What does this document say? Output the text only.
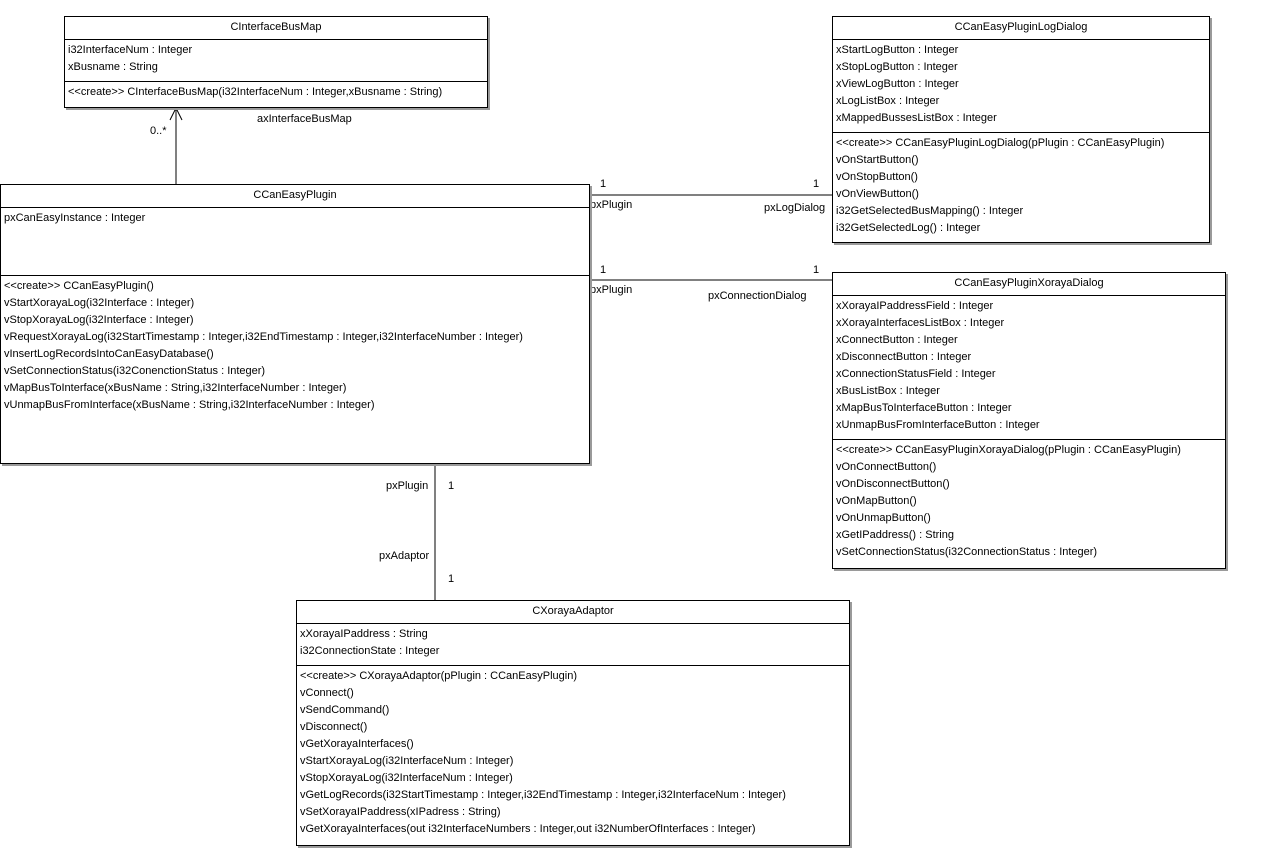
0..*
axInterfaceBusMap
1
pxPlugin
1
pxLogDialog
1
pxPlugin
1
pxConnectionDialog
pxPlugin 1
pxAdaptor
1
CInterfaceBusMap
i32InterfaceNum : Integer
xBusname : String
<<create>> CInterfaceBusMap(i32InterfaceNum : Integer,xBusname : String)
CCanEasyPluginLogDialog
xStartLogButton : Integer
xStopLogButton : Integer
xViewLogButton : Integer
xLogListBox : Integer
xMappedBussesListBox : Integer
<<create>> CCanEasyPluginLogDialog(pPlugin : CCanEasyPlugin)
vOnStartButton()
vOnStopButton()
vOnViewButton()
i32GetSelectedBusMapping() : Integer
i32GetSelectedLog() : Integer
CCanEasyPlugin
pxCanEasyInstance : Integer
<<create>> CCanEasyPlugin()
vStartXorayaLog(i32Interface : Integer)
vStopXorayaLog(i32Interface : Integer)
vRequestXorayaLog(i32StartTimestamp : Integer,i32EndTimestamp : Integer,i32InterfaceNumber : Integer)
vInsertLogRecordsIntoCanEasyDatabase()
vSetConnectionStatus(i32ConenctionStatus : Integer)
vMapBusToInterface(xBusName : String,i32InterfaceNumber : Integer)
vUnmapBusFromInterface(xBusName : String,i32InterfaceNumber : Integer)
CCanEasyPluginXorayaDialog
xXorayaIPaddressField : Integer
xXorayaInterfacesListBox : Integer
xConnectButton : Integer
xDisconnectButton : Integer
xConnectionStatusField : Integer
xBusListBox : Integer
xMapBusToInterfaceButton : Integer
xUnmapBusFromInterfaceButton : Integer
<<create>> CCanEasyPluginXorayaDialog(pPlugin : CCanEasyPlugin)
vOnConnectButton()
vOnDisconnectButton()
vOnMapButton()
vOnUnmapButton()
xGetIPaddress() : String
vSetConnectionStatus(i32ConnectionStatus : Integer)
CXorayaAdaptor
xXorayaIPaddress : String
i32ConnectionState : Integer
<<create>> CXorayaAdaptor(pPlugin : CCanEasyPlugin)
vConnect()
vSendCommand()
vDisconnect()
vGetXorayaInterfaces()
vStartXorayaLog(i32InterfaceNum : Integer)
vStopXorayaLog(i32InterfaceNum : Integer)
vGetLogRecords(i32StartTimestamp : Integer,i32EndTimestamp : Integer,i32InterfaceNum : Integer)
vSetXorayaIPaddress(xIPadress : String)
vGetXorayaInterfaces(out i32InterfaceNumbers : Integer,out i32NumberOfInterfaces : Integer)
